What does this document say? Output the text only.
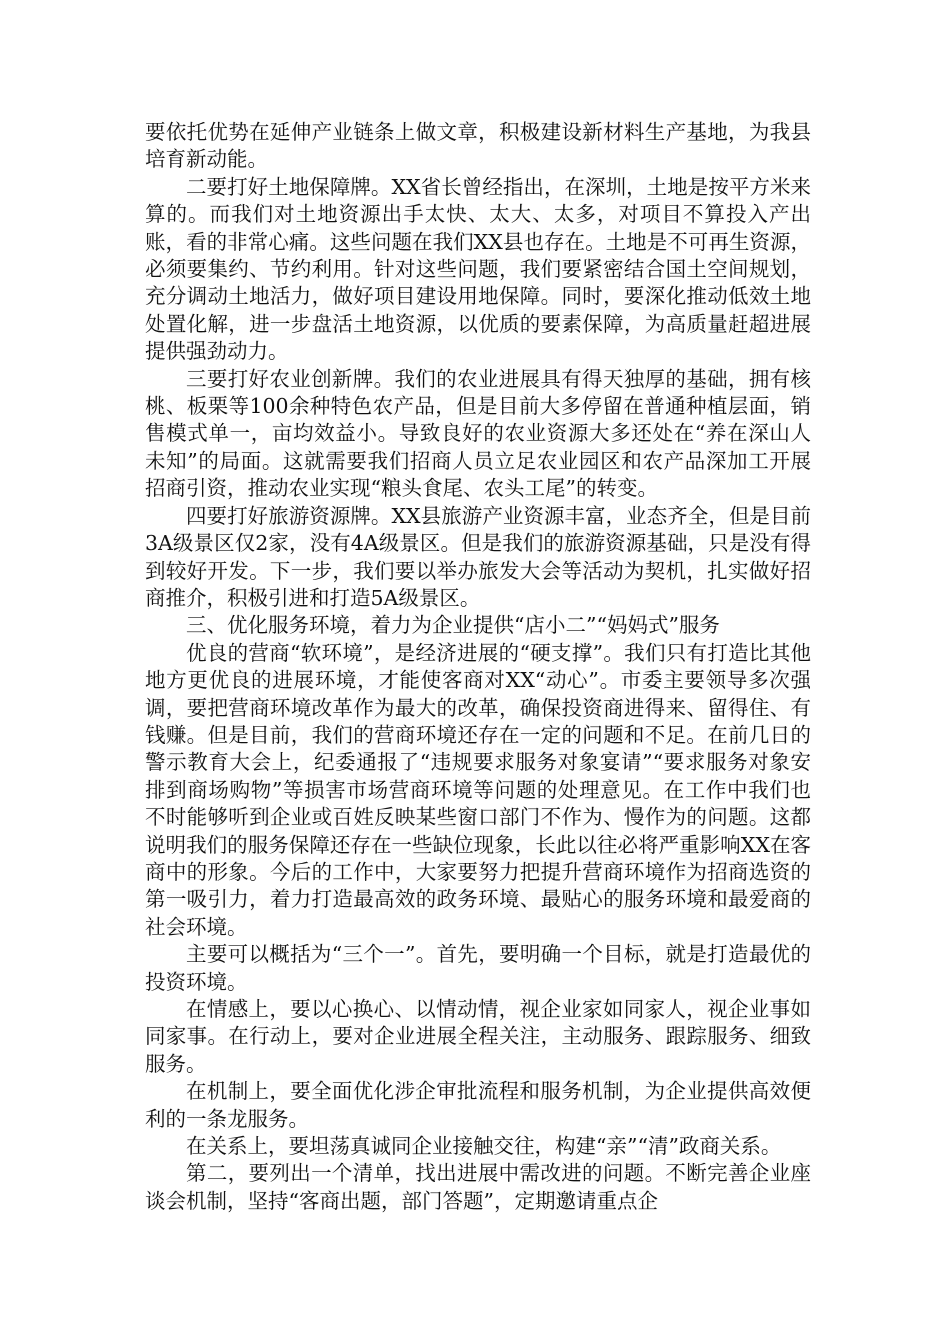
要依托优势在延伸产业链条上做文章，积极建设新材料生产基地，为我县培育新动能。

二要打好土地保障牌。XX省长曾经指出，在深圳，土地是按平方米来算的。而我们对土地资源出手太快、太大、太多，对项目不算投入产出账，看的非常心痛。这些问题在我们XX县也存在。土地是不可再生资源，必须要集约、节约利用。针对这些问题，我们要紧密结合国土空间规划，充分调动土地活力，做好项目建设用地保障。同时，要深化推动低效土地处置化解，进一步盘活土地资源，以优质的要素保障，为高质量赶超进展提供强劲动力。

三要打好农业创新牌。我们的农业进展具有得天独厚的基础，拥有核桃、板栗等100余种特色农产品，但是目前大多停留在普通种植层面，销售模式单一，亩均效益小。导致良好的农业资源大多还处在“养在深山人未知”的局面。这就需要我们招商人员立足农业园区和农产品深加工开展招商引资，推动农业实现“粮头食尾、农头工尾”的转变。

四要打好旅游资源牌。XX县旅游产业资源丰富，业态齐全，但是目前3A级景区仅2家，没有4A级景区。但是我们的旅游资源基础，只是没有得到较好开发。下一步，我们要以举办旅发大会等活动为契机，扎实做好招商推介，积极引进和打造5A级景区。

三、优化服务环境，着力为企业提供“店小二”“妈妈式”服务

优良的营商“软环境”，是经济进展的“硬支撑”。我们只有打造比其他地方更优良的进展环境，才能使客商对XX“动心”。市委主要领导多次强调，要把营商环境改革作为最大的改革，确保投资商进得来、留得住、有钱赚。但是目前，我们的营商环境还存在一定的问题和不足。在前几日的警示教育大会上，纪委通报了“违规要求服务对象宴请”“要求服务对象安排到商场购物”等损害市场营商环境等问题的处理意见。在工作中我们也不时能够听到企业或百姓反映某些窗口部门不作为、慢作为的问题。这都说明我们的服务保障还存在一些缺位现象，长此以往必将严重影响XX在客商中的形象。今后的工作中，大家要努力把提升营商环境作为招商选资的第一吸引力，着力打造最高效的政务环境、最贴心的服务环境和最爱商的社会环境。

主要可以概括为“三个一”。首先，要明确一个目标，就是打造最优的投资环境。

在情感上，要以心换心、以情动情，视企业家如同家人，视企业事如同家事。在行动上，要对企业进展全程关注，主动服务、跟踪服务、细致服务。

在机制上，要全面优化涉企审批流程和服务机制，为企业提供高效便利的一条龙服务。

在关系上，要坦荡真诚同企业接触交往，构建“亲”“清”政商关系。

第二，要列出一个清单，找出进展中需改进的问题。不断完善企业座谈会机制，坚持“客商出题，部门答题”，定期邀请重点企
